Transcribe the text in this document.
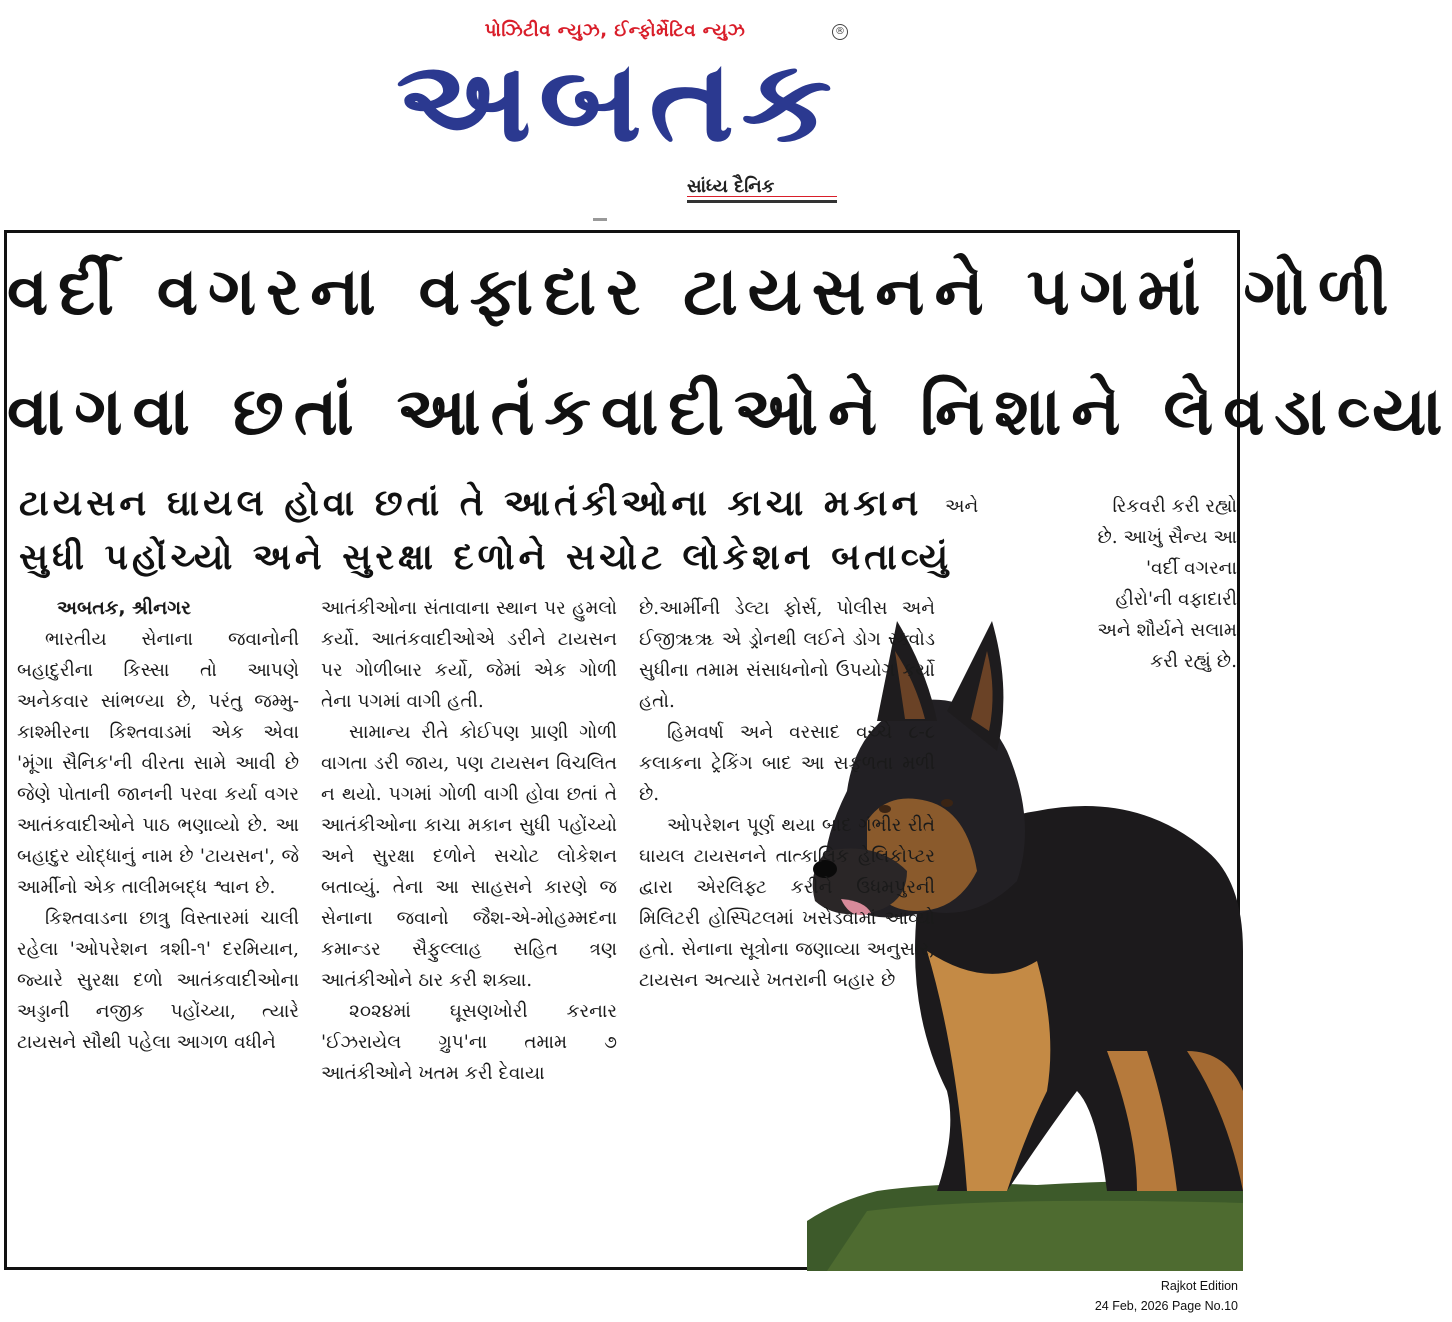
પોઝિટીવ ન્યુઝ, ઈન્ફોર્મેટિવ ન્યુઝ	®
અબતક
સાંધ્ય દૈનિક
વર્દી વગરના વફાદાર ટાયસનને પગમાં ગોળી
વાગવા છતાં આતંકવાદીઓને નિશાને લેવડાવ્યા
ટાયસન ઘાયલ હોવા છતાં તે આતંકીઓના કાચા મકાન
સુધી પહોંચ્યો અને સુરક્ષા દળોને સચોટ લોકેશન બતાવ્યું
અબતક, શ્રીનગર

ભારતીય સેનાના જવાનોની બહાદુરીના કિસ્સા તો આપણે અનેકવાર સાંભળ્યા છે, પરંતુ જમ્મુ-કાશ્મીરના કિશ્તવાડમાં એક એવા 'મૂંગા સૈનિક'ની વીરતા સામે આવી છે જેણે પોતાની જાનની પરવા કર્યા વગર આતંકવાદીઓને પાઠ ભણાવ્યો છે. આ બહાદુર યોદ્ધાનું નામ છે 'ટાયસન', જે આર્મીનો એક તાલીમબદ્ધ શ્વાન છે.

કિશ્તવાડના છાત્રુ વિસ્તારમાં ચાલી રહેલા 'ઓપરેશન ત્રશી-૧' દરમિયાન, જ્યારે સુરક્ષા દળો આતંકવાદીઓના અડ્ડાની નજીક પહોંચ્યા, ત્યારે ટાયસને સૌથી પહેલા આગળ વધીને

આતંકીઓના સંતાવાના સ્થાન પર હુમલો કર્યો. આતંકવાદીઓએ ડરીને ટાયસન પર ગોળીબાર કર્યો, જેમાં એક ગોળી તેના પગમાં વાગી હતી.

સામાન્ય રીતે કોઈપણ પ્રાણી ગોળી વાગતા ડરી જાય, પણ ટાયસન વિચલિત ન થયો. પગમાં ગોળી વાગી હોવા છતાં તે આતંકીઓના કાચા મકાન સુધી પહોંચ્યો અને સુરક્ષા દળોને સચોટ લોકેશન બતાવ્યું. તેના આ સાહસને કારણે જ સેનાના જવાનો જૈશ-એ-મોહમ્મદના કમાન્ડર સૈફુલ્લાહ સહિત ત્રણ આતંકીઓને ઠાર કરી શક્યા.

૨૦૨૪માં ઘૂસણખોરી કરનાર 'ઈઝરાયેલ ગ્રુપ'ના તમામ ૭ આતંકીઓને ખતમ કરી દેવાયા

છે.આર્મીની ડેલ્ટા ફોર્સ, પોલીસ અને ઈજીૠૠ એ ડ્રોનથી લઈને ડોગ સ્ક્વોડ સુધીના તમામ સંસાધનોનો ઉપયોગ કર્યો હતો.

હિમવર્ષા અને વરસાદ વચ્ચે ૮-૮ કલાકના ટ્રેકિંગ બાદ આ સફળતા મળી છે.

ઓપરેશન પૂર્ણ થયા બાદ ગંભીર રીતે ઘાયલ ટાયસનને તાત્કાલિક હેલિકોપ્ટર દ્વારા એરલિફ્ટ કરીને ઉધમપુરની મિલિટરી હોસ્પિટલમાં ખસેડવામાં આવ્યો હતો. સેનાના સૂત્રોના જણાવ્યા અનુસાર, ટાયસન અત્યારે ખતરાની બહાર છે

અને	રિકવરી કરી રહ્યો છે. આખું સૈન્ય આ 'વર્દી વગરના હીરો'ની વફાદારી અને શૌર્યને સલામ કરી રહ્યું છે.

Rajkot Edition
24 Feb, 2026 Page No.10
